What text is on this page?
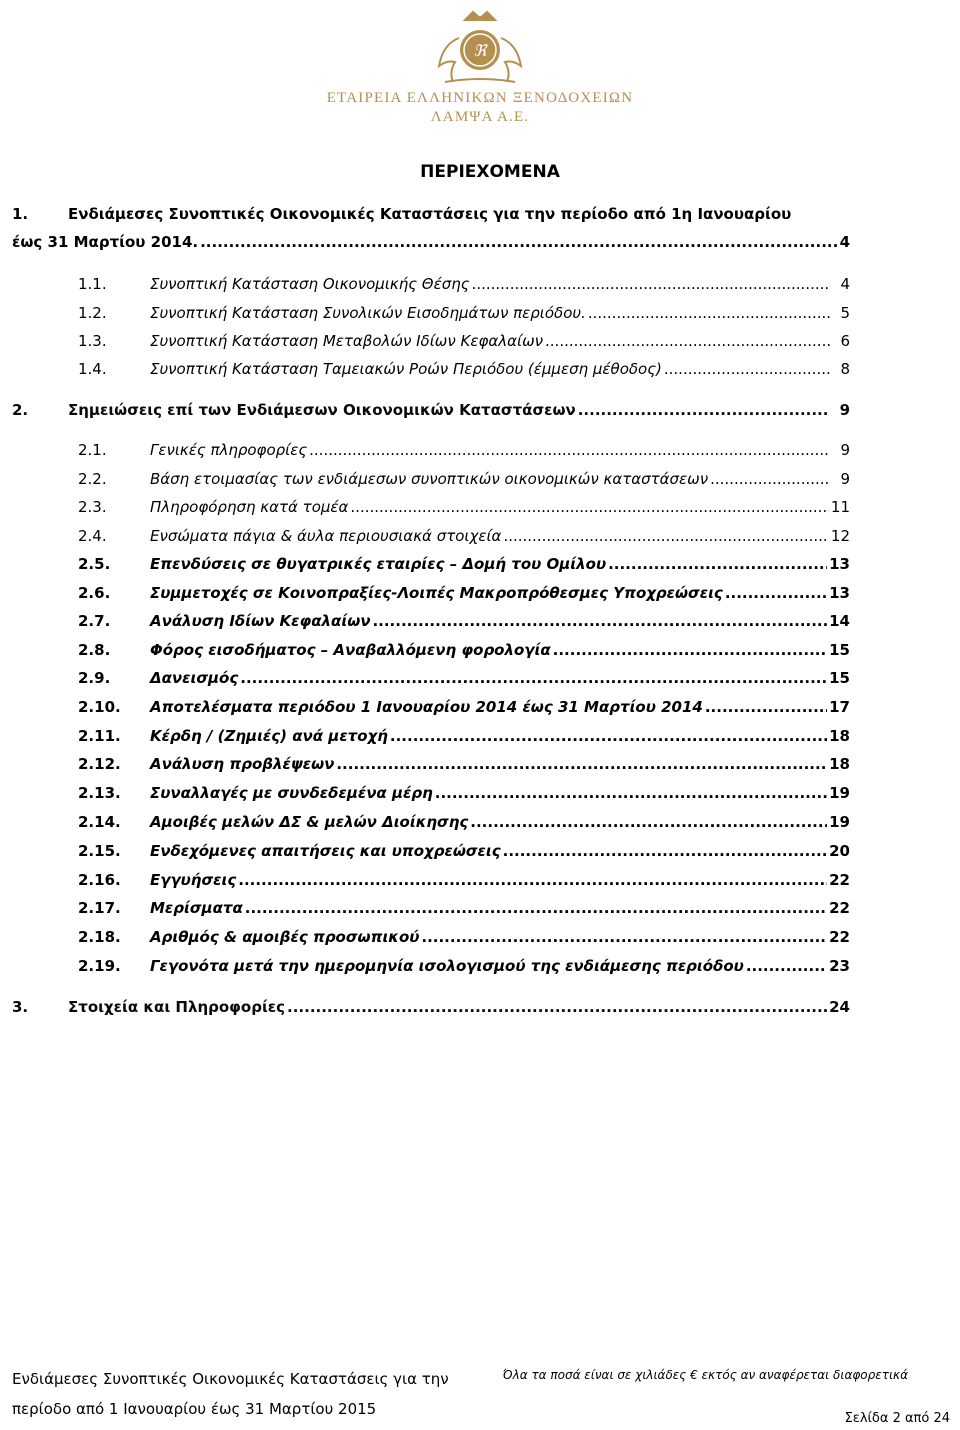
ℜ
ΕΤΑΙΡΕΙΑ ΕΛΛΗΝΙΚΩΝ ΞΕΝΟΔΟΧΕΙΩΝ
ΛΑΜΨΑ Α.Ε.
ΠΕΡΙΕΧΟΜΕΝΑ
1.	Ενδιάμεσες Συνοπτικές Οικονομικές Καταστάσεις για την περίοδο από 1η Ιανουαρίου
έως 31 Μαρτίου 2014. .....	4
1.1.	Συνοπτική Κατάσταση Οικονομικής Θέσης .....	4
1.2.	Συνοπτική Κατάσταση Συνολικών Εισοδημάτων περιόδου. .....	5
1.3.	Συνοπτική Κατάσταση Μεταβολών Ιδίων Κεφαλαίων .....	6
1.4.	Συνοπτική Κατάσταση Ταμειακών Ροών Περιόδου (έμμεση μέθοδος) .....	8
2.	Σημειώσεις επί των Ενδιάμεσων Οικονομικών Καταστάσεων .....	9
2.1.	Γενικές πληροφορίες .....	9
2.2.	Βάση ετοιμασίας των ενδιάμεσων συνοπτικών οικονομικών καταστάσεων .....	9
2.3.	Πληροφόρηση κατά τομέα .....	11
2.4.	Ενσώματα πάγια & άυλα περιουσιακά στοιχεία .....	12
2.5.	Επενδύσεις σε θυγατρικές εταιρίες – Δομή του Ομίλου .....	13
2.6.	Συμμετοχές σε Κοινοπραξίες-Λοιπές Μακροπρόθεσμες Υποχρεώσεις .....	13
2.7.	Ανάλυση Ιδίων Κεφαλαίων .....	14
2.8.	Φόρος εισοδήματος – Αναβαλλόμενη φορολογία .....	15
2.9.	Δανεισμός .....	15
2.10. Αποτελέσματα περιόδου 1 Ιανουαρίου 2014 έως 31 Μαρτίου 2014 .....	17
2.11. Κέρδη / (Ζημιές) ανά μετοχή .....	18
2.12. Ανάλυση προβλέψεων .....	18
2.13. Συναλλαγές με συνδεδεμένα μέρη .....	19
2.14. Αμοιβές μελών ΔΣ & μελών Διοίκησης .....	19
2.15. Ενδεχόμενες απαιτήσεις και υποχρεώσεις .....	20
2.16. Εγγυήσεις .....	22
2.17. Μερίσματα .....	22
2.18. Αριθμός & αμοιβές προσωπικού .....	22
2.19. Γεγονότα μετά την ημερομηνία ισολογισμού της ενδιάμεσης περιόδου .....	23
3.	Στοιχεία και Πληροφορίες .....	24
Ενδιάμεσες Συνοπτικές Οικονομικές Καταστάσεις για την
περίοδο από 1 Ιανουαρίου έως 31 Μαρτίου 2015
Όλα τα ποσά είναι σε χιλιάδες € εκτός αν αναφέρεται διαφορετικά
Σελίδα 2 από 24
